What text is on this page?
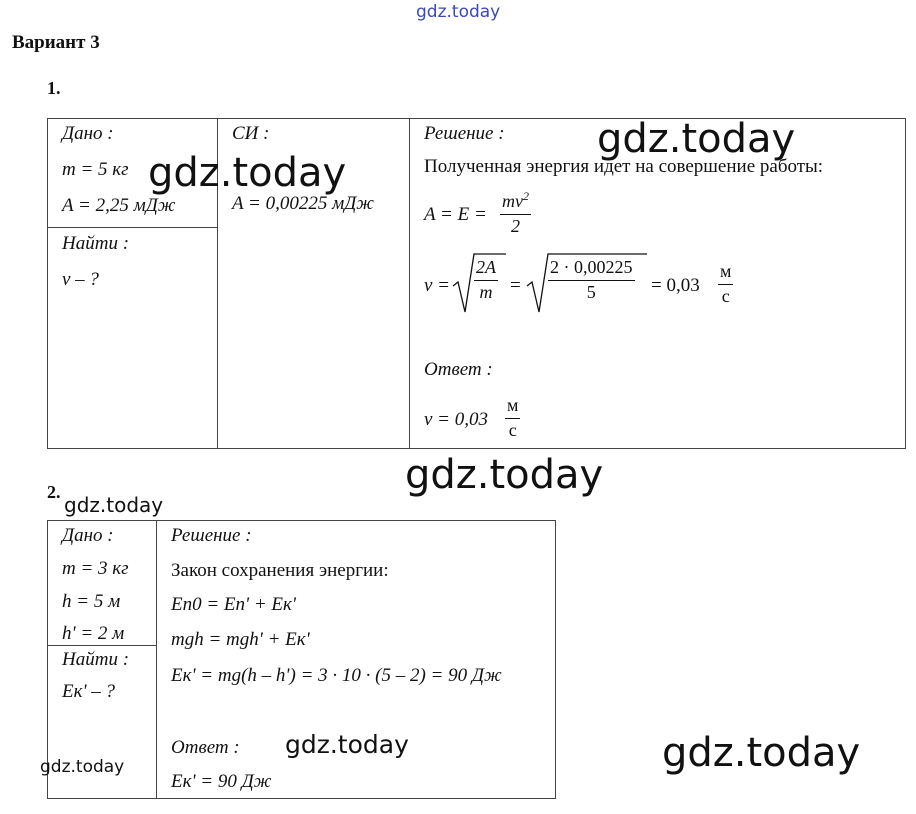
gdz.today
Вариант 3
1.
Дано :
m = 5 кг
A = 2,25 мДж
Найти :
v – ?
СИ :
A = 0,00225 мДж
Решение :
Полученная энергия идет на совершение работы:
$A = E = \frac{mv^2}{2}$
$v = \frac{2A}{m} = \frac{2 \cdot 0,00225}{5} = 0,03 \frac{м}{с}$
Ответ :
$v = 0,03 \frac{м}{с}$
gdz.today
gdz.today
gdz.today
2.
gdz.today
Дано :
m = 3 кг
h = 5 м
h' = 2 м
Найти :
Eк' – ?
Решение :
Закон сохранения энергии:
Eп0 = Eп' + Eк'
mgh = mgh' + Eк'
Eк' = mg(h – h') = 3 · 10 · (5 – 2) = 90 Дж
Ответ :
Eк' = 90 Дж
gdz.today
gdz.today	gdz.today
